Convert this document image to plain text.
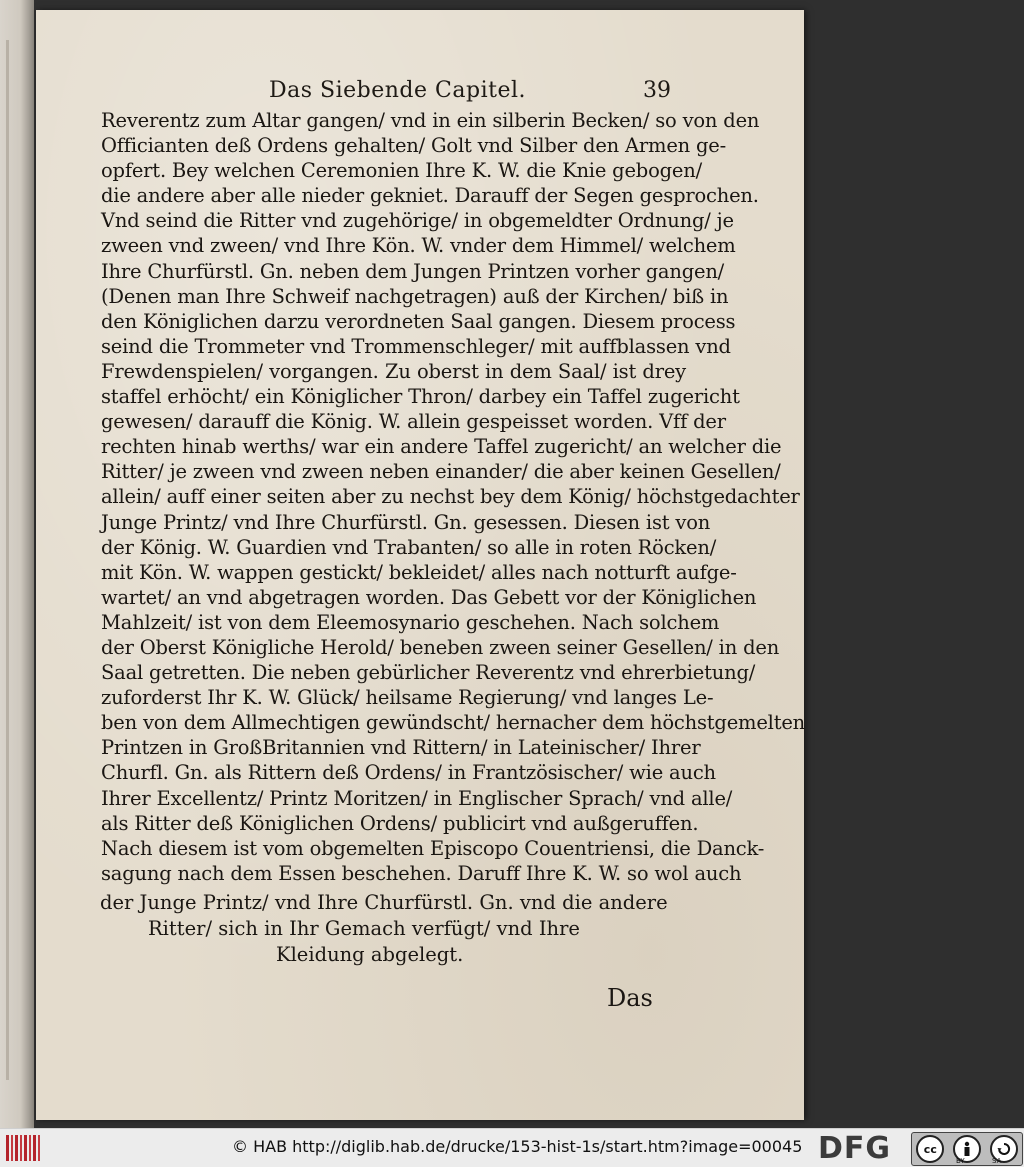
Das Siebende Capitel.	39
Reverentz zum Altar gangen/ vnd in ein silberin Becken/ so von den
Officianten deß Ordens gehalten/ Golt vnd Silber den Armen ge-
opfert. Bey welchen Ceremonien Ihre K. W. die Knie gebogen/
die andere aber alle nieder gekniet. Darauff der Segen gesprochen.
Vnd seind die Ritter vnd zugehörige/ in obgemeldter Ordnung/ je
zween vnd zween/ vnd Ihre Kön. W. vnder dem Himmel/ welchem
Ihre Churfürstl. Gn. neben dem Jungen Printzen vorher gangen/
(Denen man Ihre Schweif nachgetragen) auß der Kirchen/ biß in
den Königlichen darzu verordneten Saal gangen. Diesem process
seind die Trommeter vnd Trommenschleger/ mit auffblassen vnd
Frewdenspielen/ vorgangen. Zu oberst in dem Saal/ ist drey
staffel erhöcht/ ein Königlicher Thron/ darbey ein Taffel zugericht
gewesen/ darauff die König. W. allein gespeisset worden. Vff der
rechten hinab werths/ war ein andere Taffel zugericht/ an welcher die
Ritter/ je zween vnd zween neben einander/ die aber keinen Gesellen/
allein/ auff einer seiten aber zu nechst bey dem König/ höchstgedachter
Junge Printz/ vnd Ihre Churfürstl. Gn. gesessen. Diesen ist von
der König. W. Guardien vnd Trabanten/ so alle in roten Röcken/
mit Kön. W. wappen gestickt/ bekleidet/ alles nach notturft aufge-
wartet/ an vnd abgetragen worden. Das Gebett vor der Königlichen
Mahlzeit/ ist von dem Eleemosynario geschehen. Nach solchem
der Oberst Königliche Herold/ beneben zween seiner Gesellen/ in den
Saal getretten. Die neben gebürlicher Reverentz vnd ehrerbietung/
zuforderst Ihr K. W. Glück/ heilsame Regierung/ vnd langes Le-
ben von dem Allmechtigen gewündscht/ hernacher dem höchstgemelten
Printzen in GroßBritannien vnd Rittern/ in Lateinischer/ Ihrer
Churfl. Gn. als Rittern deß Ordens/ in Frantzösischer/ wie auch
Ihrer Excellentz/ Printz Moritzen/ in Englischer Sprach/ vnd alle/
als Ritter deß Königlichen Ordens/ publicirt vnd außgeruffen.
Nach diesem ist vom obgemelten Episcopo Couentriensi, die Danck-
sagung nach dem Essen beschehen. Daruff Ihre K. W. so wol auch
der Junge Printz/ vnd Ihre Churfürstl. Gn. vnd die andere
Ritter/ sich in Ihr Gemach verfügt/ vnd Ihre
Kleidung abgelegt.
Das
© HAB http://diglib.hab.de/drucke/153-hist-1s/start.htm?image=00045 DFG	cc
BY	SA
